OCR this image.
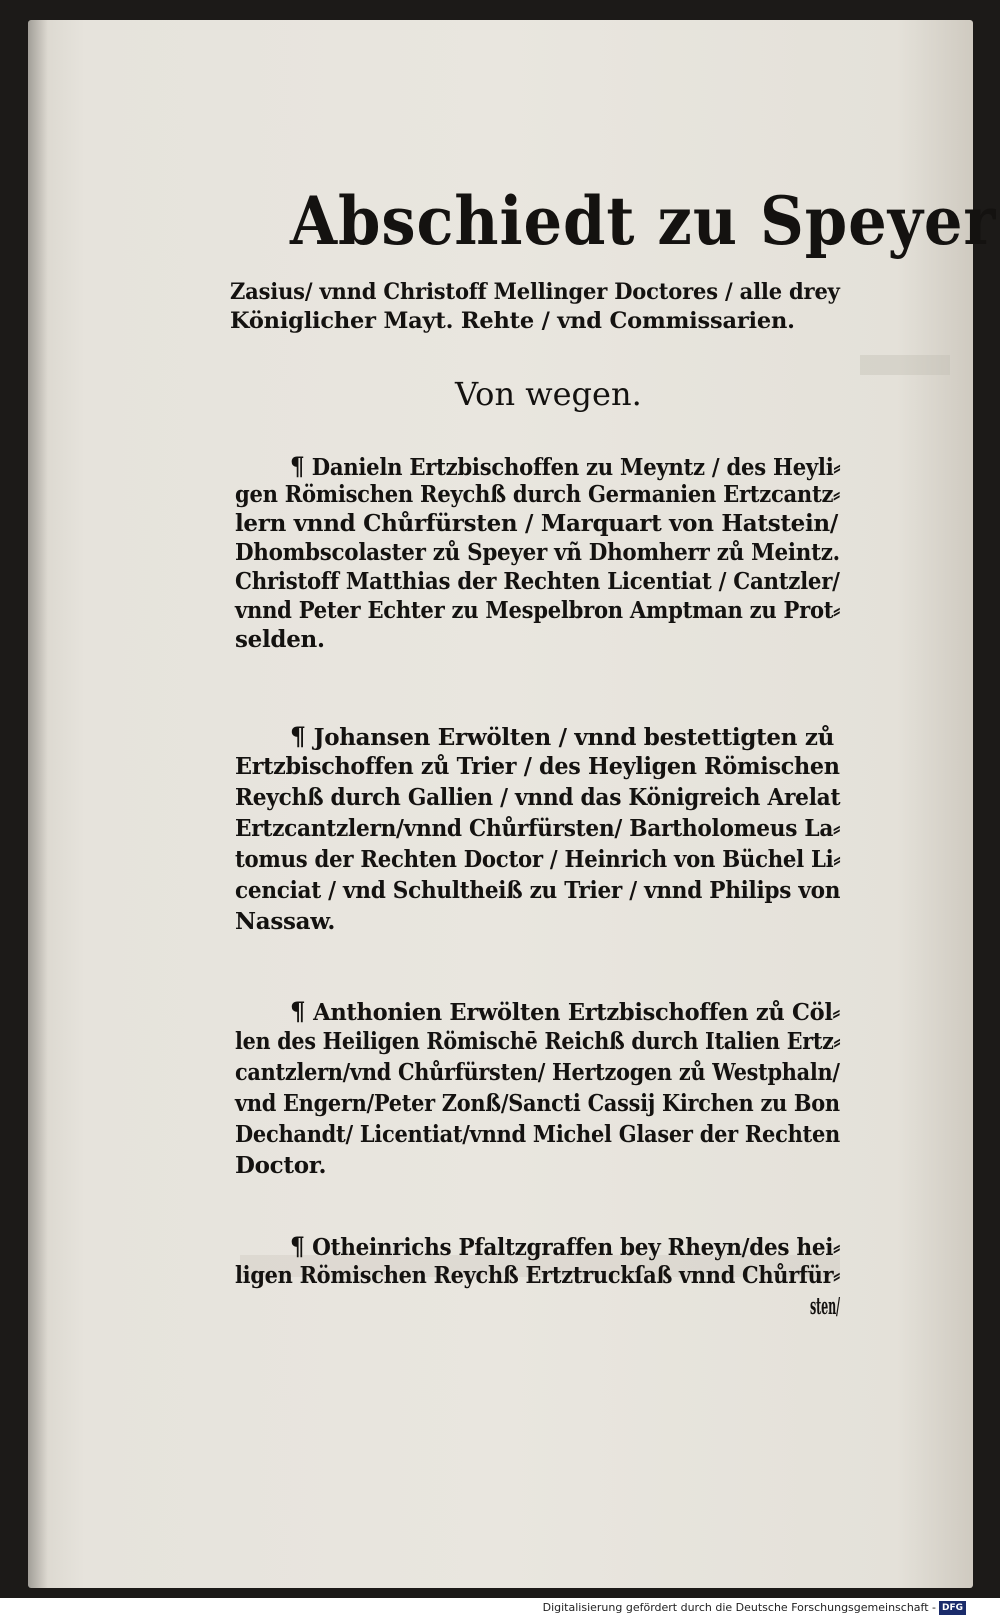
Abschiedt zu Speyer
Zasius/ vnnd Christoff Mellinger Doctores / alle drey
Königlicher Mayt. Rehte / vnd Commissarien.
Von wegen.
¶ Danieln Ertzbischoffen zu Meyntz / des Heyli⸗
gen Römischen Reychß durch Germanien Ertzcantz⸗
lern vnnd Chůrfürsten / Marquart von Hatstein/
Dhombscolaster zů Speyer vñ Dhomherr zů Meintz.
Christoff Matthias der Rechten Licentiat / Cantzler/
vnnd Peter Echter zu Mespelbron Amptman zu Prot⸗
selden.
¶ Johansen Erwölten / vnnd bestettigten zů
Ertzbischoffen zů Trier / des Heyligen Römischen
Reychß durch Gallien / vnnd das Königreich Arelat
Ertzcantzlern/vnnd Chůrfürsten/ Bartholomeus La⸗
tomus der Rechten Doctor / Heinrich von Büchel Li⸗
cenciat / vnd Schultheiß zu Trier / vnnd Philips von
Nassaw.
¶ Anthonien Erwölten Ertzbischoffen zů Cöl⸗
len des Heiligen Römischē Reichß durch Italien Ertz⸗
cantzlern/vnd Chůrfürsten/ Hertzogen zů Westphaln/
vnd Engern/Peter Zonß/Sancti Cassij Kirchen zu Bon
Dechandt/ Licentiat/vnnd Michel Glaser der Rechten
Doctor.
¶ Otheinrichs Pfaltzgraffen bey Rheyn/des hei⸗
ligen Römischen Reychß Ertztruckſaß vnnd Chůrfür⸗
sten/
Digitalisierung gefördert durch die Deutsche Forschungsgemeinschaft - DFG
